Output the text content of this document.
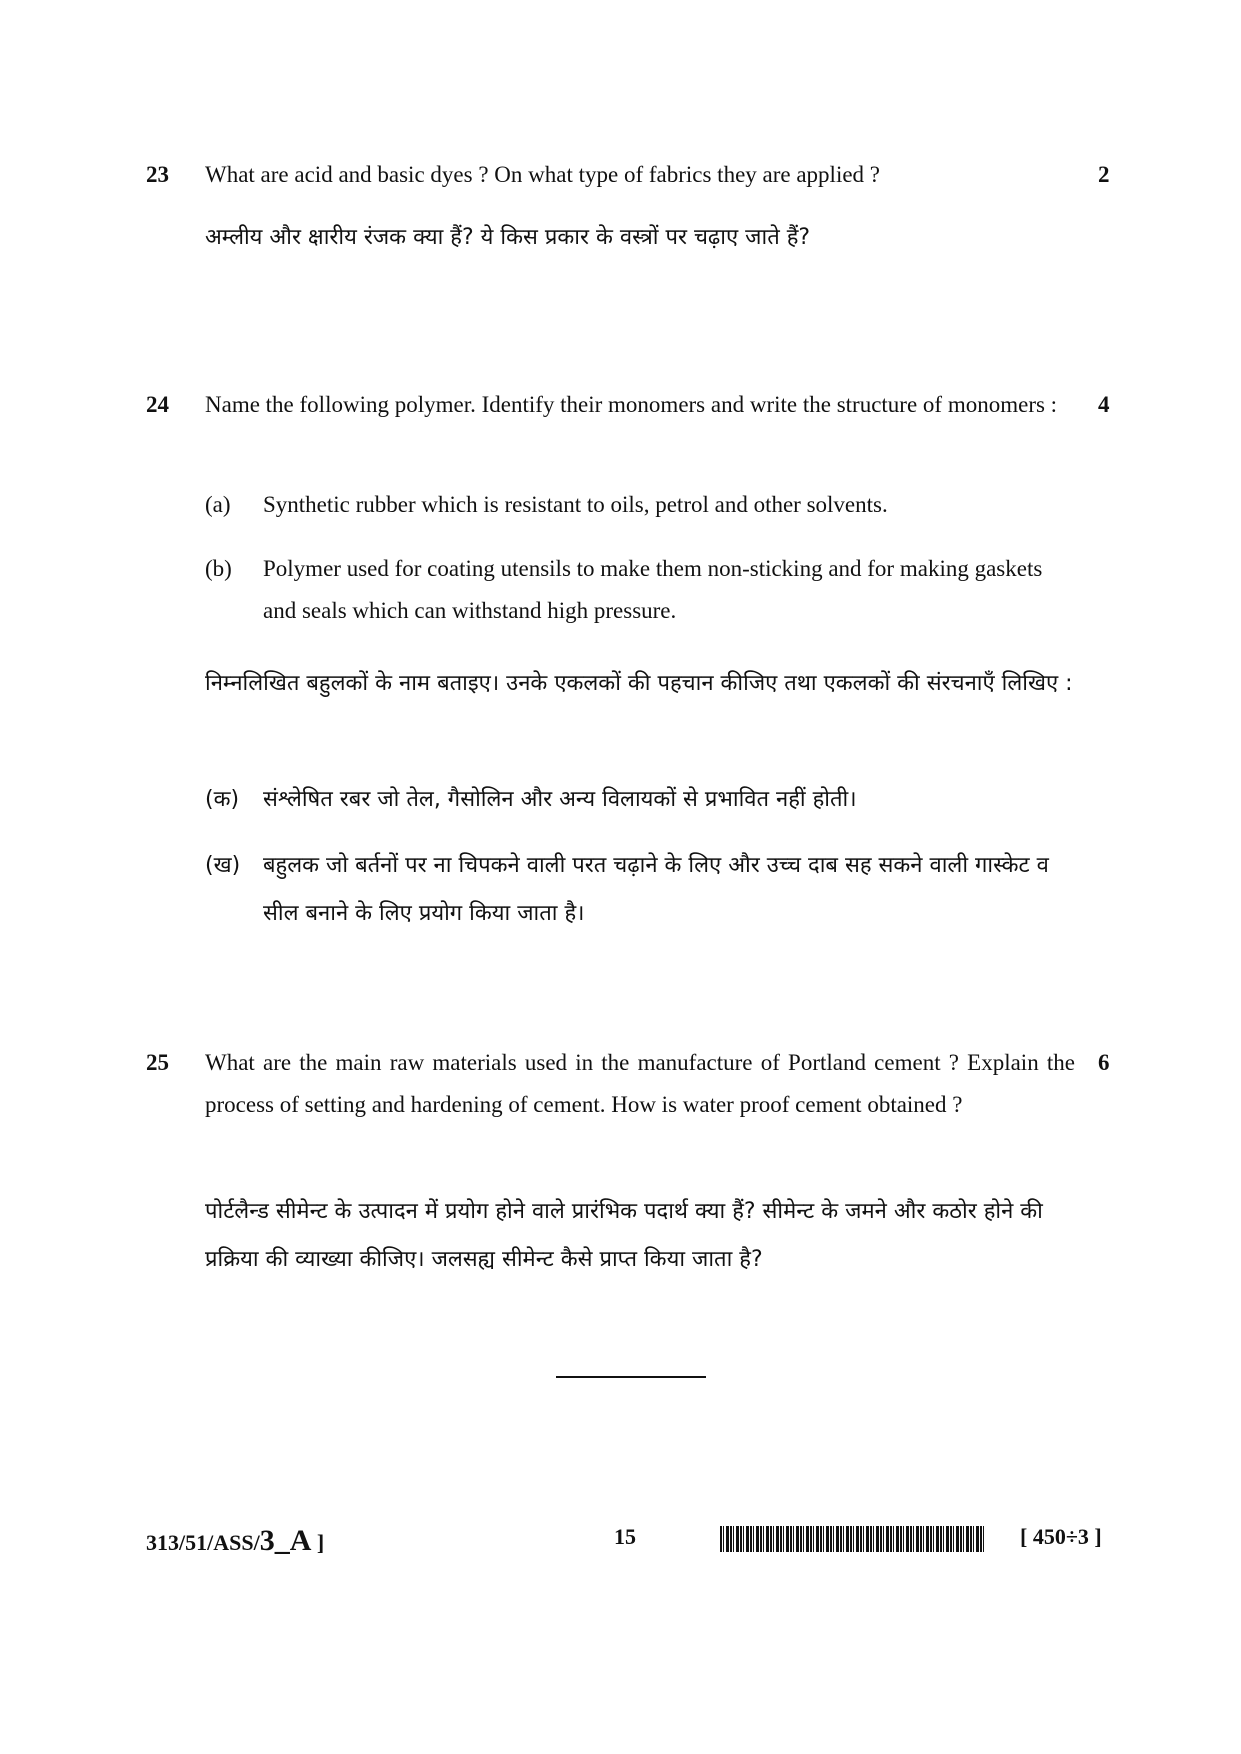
23	2
What are acid and basic dyes ? On what type of fabrics they are applied ?
अम्लीय और क्षारीय रंजक क्या हैं? ये किस प्रकार के वस्त्रों पर चढ़ाए जाते हैं?
24	4
Name the following polymer. Identify their monomers and write the structure of monomers :
(a) Synthetic rubber which is resistant to oils, petrol and other solvents.
(b) Polymer used for coating utensils to make them non-sticking and for making gaskets and seals which can withstand high pressure.
निम्नलिखित बहुलकों के नाम बताइए। उनके एकलकों की पहचान कीजिए तथा एकलकों की संरचनाएँ लिखिए :
(क) संश्लेषित रबर जो तेल, गैसोलिन और अन्य विलायकों से प्रभावित नहीं होती।
(ख) बहुलक जो बर्तनों पर ना चिपकने वाली परत चढ़ाने के लिए और उच्च दाब सह सकने वाली गास्केट व सील बनाने के लिए प्रयोग किया जाता है।
25	6
What are the main raw materials used in the manufacture of Portland cement ? Explain the process of setting and hardening of cement. How is water proof cement obtained ?
पोर्टलैन्ड सीमेन्ट के उत्पादन में प्रयोग होने वाले प्रारंभिक पदार्थ क्या हैं? सीमेन्ट के जमने और कठोर होने की प्रक्रिया की व्याख्या कीजिए। जलसह्य सीमेन्ट कैसे प्राप्त किया जाता है?
313/51/ASS/3_A ]	15	[ 450÷3 ]
